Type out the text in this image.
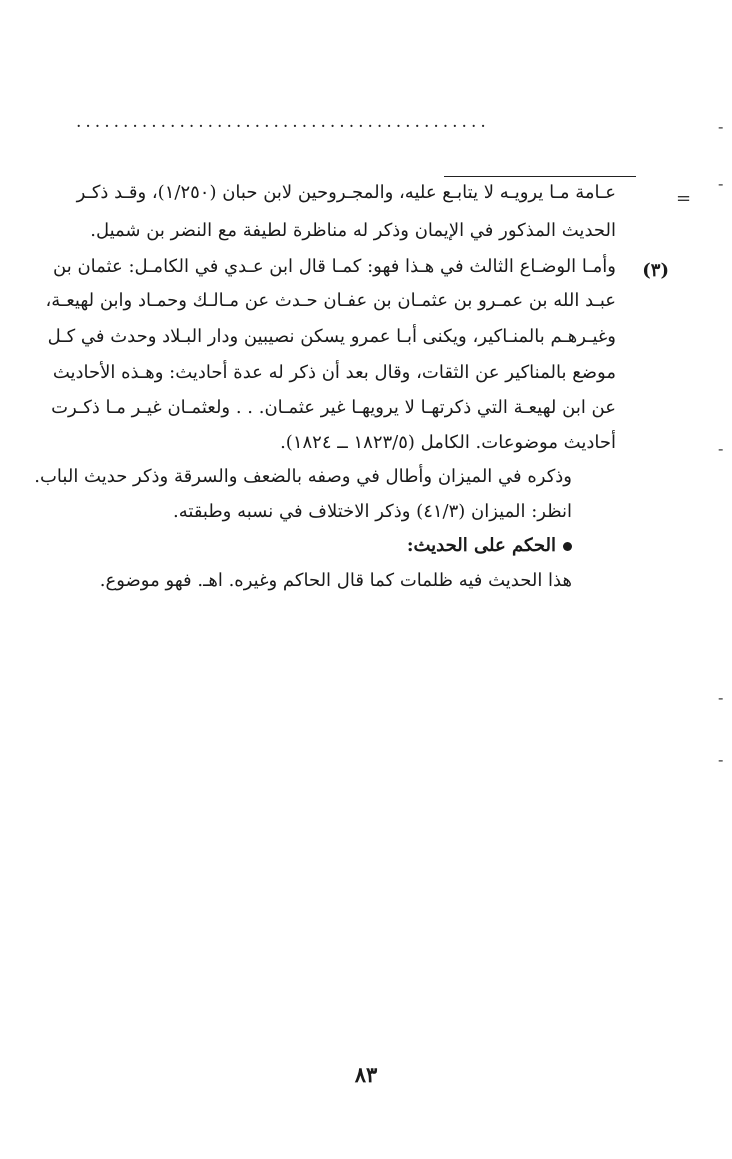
............................................	-
-
-
-
-
=
عـامة مـا يرويـه لا يتابـع عليه، والمجـروحين لابن حبان (١/٢٥٠)، وقـد ذكـر
الحديث المذكور في الإيمان وذكر له مناظرة لطيفة مع النضر بن شميل.
(٣)
وأمـا الوضـاع الثالث في هـذا فهو: كمـا قال ابن عـدي في الكامـل: عثمان بن
عبـد الله بن عمـرو بن عثمـان بن عفـان حـدث عن مـالـك وحمـاد وابن لهيعـة،
وغيـرهـم بالمنـاكير، ويكنى أبـا عمرو يسكن نصيبين ودار البـلاد وحدث في كـل
موضع بالمناكير عن الثقات، وقال بعد أن ذكر له عدة أحاديث: وهـذه الأحاديث
عن ابن لهيعـة التي ذكرتهـا لا يرويهـا غير عثمـان. . . ولعثمـان غيـر مـا ذكـرت
أحاديث موضوعات. الكامل (١٨٢٣/٥ ــ ١٨٢٤).
وذكره في الميزان وأطال في وصفه بالضعف والسرقة وذكر حديث الباب.
انظر: الميزان (٤١/٣) وذكر الاختلاف في نسبه وطبقته.
الحكم على الحديث:
هذا الحديث فيه ظلمات كما قال الحاكم وغيره. اهـ. فهو موضوع.
٨٣
